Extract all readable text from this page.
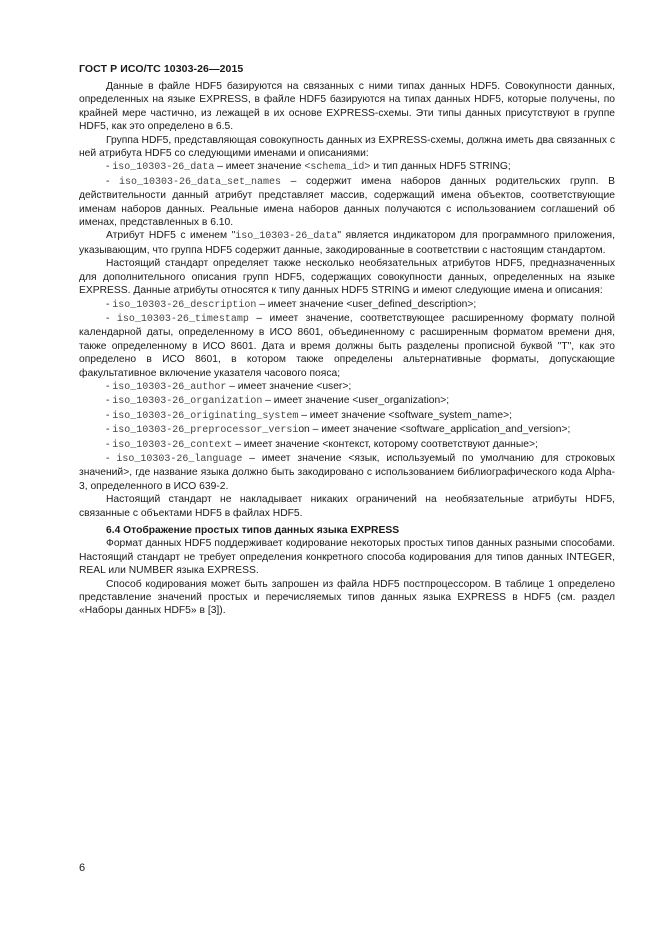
ГОСТ Р ИСО/ТС 10303-26—2015

Данные в файле HDF5 базируются на связанных с ними типах данных HDF5. Совокупности данных, определенных на языке EXPRESS, в файле HDF5 базируются на типах данных HDF5, которые получены, по крайней мере частично, из лежащей в их основе EXPRESS-схемы. Эти типы данных присутствуют в группе HDF5, как это определено в 6.5.

Группа HDF5, представляющая совокупность данных из EXPRESS-схемы, должна иметь два связанных с ней атрибута HDF5 со следующими именами и описаниями:

- iso_10303-26_data – имеет значение <schema_id> и тип данных HDF5 STRING;

- iso_10303-26_data_set_names – содержит имена наборов данных родительских групп. В действительности данный атрибут представляет массив, содержащий имена объектов, соответствующие именам наборов данных. Реальные имена наборов данных получаются с использованием соглашений об именах, представленных в 6.10.

Атрибут HDF5 с именем "iso_10303-26_data" является индикатором для программного приложения, указывающим, что группа HDF5 содержит данные, закодированные в соответствии с настоящим стандартом.

Настоящий стандарт определяет также несколько необязательных атрибутов HDF5, предназначенных для дополнительного описания групп HDF5, содержащих совокупности данных, определенных на языке EXPRESS. Данные атрибуты относятся к типу данных HDF5 STRING и имеют следующие имена и описания:

- iso_10303-26_description – имеет значение <user_defined_description>;

- iso_10303-26_timestamp – имеет значение, соответствующее расширенному формату полной календарной даты, определенному в ИСО 8601, объединенному с расширенным форматом времени дня, также определенному в ИСО 8601. Дата и время должны быть разделены прописной буквой "Т", как это определено в ИСО 8601, в котором также определены альтернативные форматы, допускающие факультативное включение указателя часового пояса;

- iso_10303-26_author – имеет значение <user>;

- iso_10303-26_organization – имеет значение <user_organization>;

- iso_10303-26_originating_system – имеет значение <software_system_name>;

- iso_10303-26_preprocessor_version – имеет значение <software_application_and_version>;

- iso_10303-26_context – имеет значение <контекст, которому соответствуют данные>;

- iso_10303-26_language – имеет значение <язык, используемый по умолчанию для строковых значений>, где название языка должно быть закодировано с использованием библиографического кода Alpha-3, определенного в ИСО 639-2.

Настоящий стандарт не накладывает никаких ограничений на необязательные атрибуты HDF5, связанные с объектами HDF5 в файлах HDF5.

6.4 Отображение простых типов данных языка EXPRESS

Формат данных HDF5 поддерживает кодирование некоторых простых типов данных разными способами. Настоящий стандарт не требует определения конкретного способа кодирования для типов данных INTEGER, REAL или NUMBER языка EXPRESS.

Способ кодирования может быть запрошен из файла HDF5 постпроцессором. В таблице 1 определено представление значений простых и перечисляемых типов данных языка EXPRESS в HDF5 (см. раздел «Наборы данных HDF5» в [3]).

6
